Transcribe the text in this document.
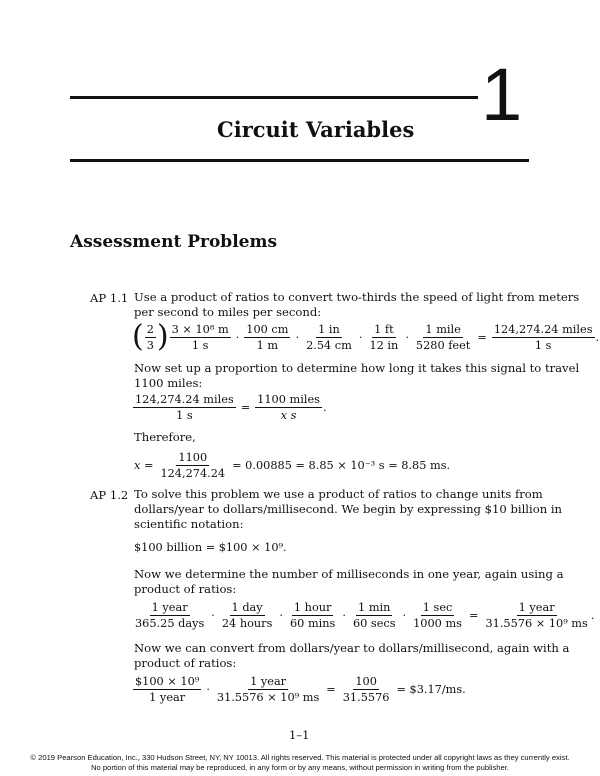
1
Circuit Variables
Assessment Problems
AP 1.1 Use a product of ratios to convert two-thirds the speed of light from meters
per second to miles per second:
( $\frac{2}{3}$ ) $\frac{\text{3 × 10⁸ m}}{1 s} \cdot \frac{100 cm}{1 m} \cdot \frac{1 in}{2.54 cm} \cdot \frac{1 ft}{12 in} \cdot \frac{\text{1 mile}}{\text{5280 feet}} = \frac{\text{124,274.24 miles}}{1 s}$ .
Now set up a proportion to determine how long it takes this signal to travel
1100 miles:
$\frac{\text{124,274.24 miles}}{1 s} = \frac{\text{1100 miles}}{\text{x s}}$ .
Therefore,
$x = \frac{1100}{124,274.24} = 0.00885 = 8.85 \times 10^{-3}$ s = 8.85 ms.
AP 1.2 To solve this problem we use a product of ratios to change units from
dollars/year to dollars/millisecond. We begin by expressing $10 billion in
scientific notation:
$100 billion = $100 × 10⁹.
Now we determine the number of milliseconds in one year, again using a
product of ratios:
$\frac{\text{1 year}}{\text{365.25 days}} \cdot \frac{\text{1 day}}{\text{24 hours}} \cdot \frac{\text{1 hour}}{60 \min s} \cdot \frac{1 \min}{60 \sec s} \cdot \frac{1 \sec}{1000 ms} = \frac{\text{1 year}}{\text{31.5576 × 10⁹ ms}}$ .
Now we can convert from dollars/year to dollars/millisecond, again with a
product of ratios:
$\frac{\text{\$100 × 10⁹}}{\text{1 year}} \cdot \frac{\text{1 year}}{\text{31.5576 × 10⁹ ms}} = \frac{100}{31.5576}$ = $3.17/ms.
1–1
© 2019 Pearson Education, Inc., 330 Hudson Street, NY, NY 10013. All rights reserved. This material is protected under all copyright laws as they currently exist.
No portion of this material may be reproduced, in any form or by any means, without permission in writing from the publisher.
